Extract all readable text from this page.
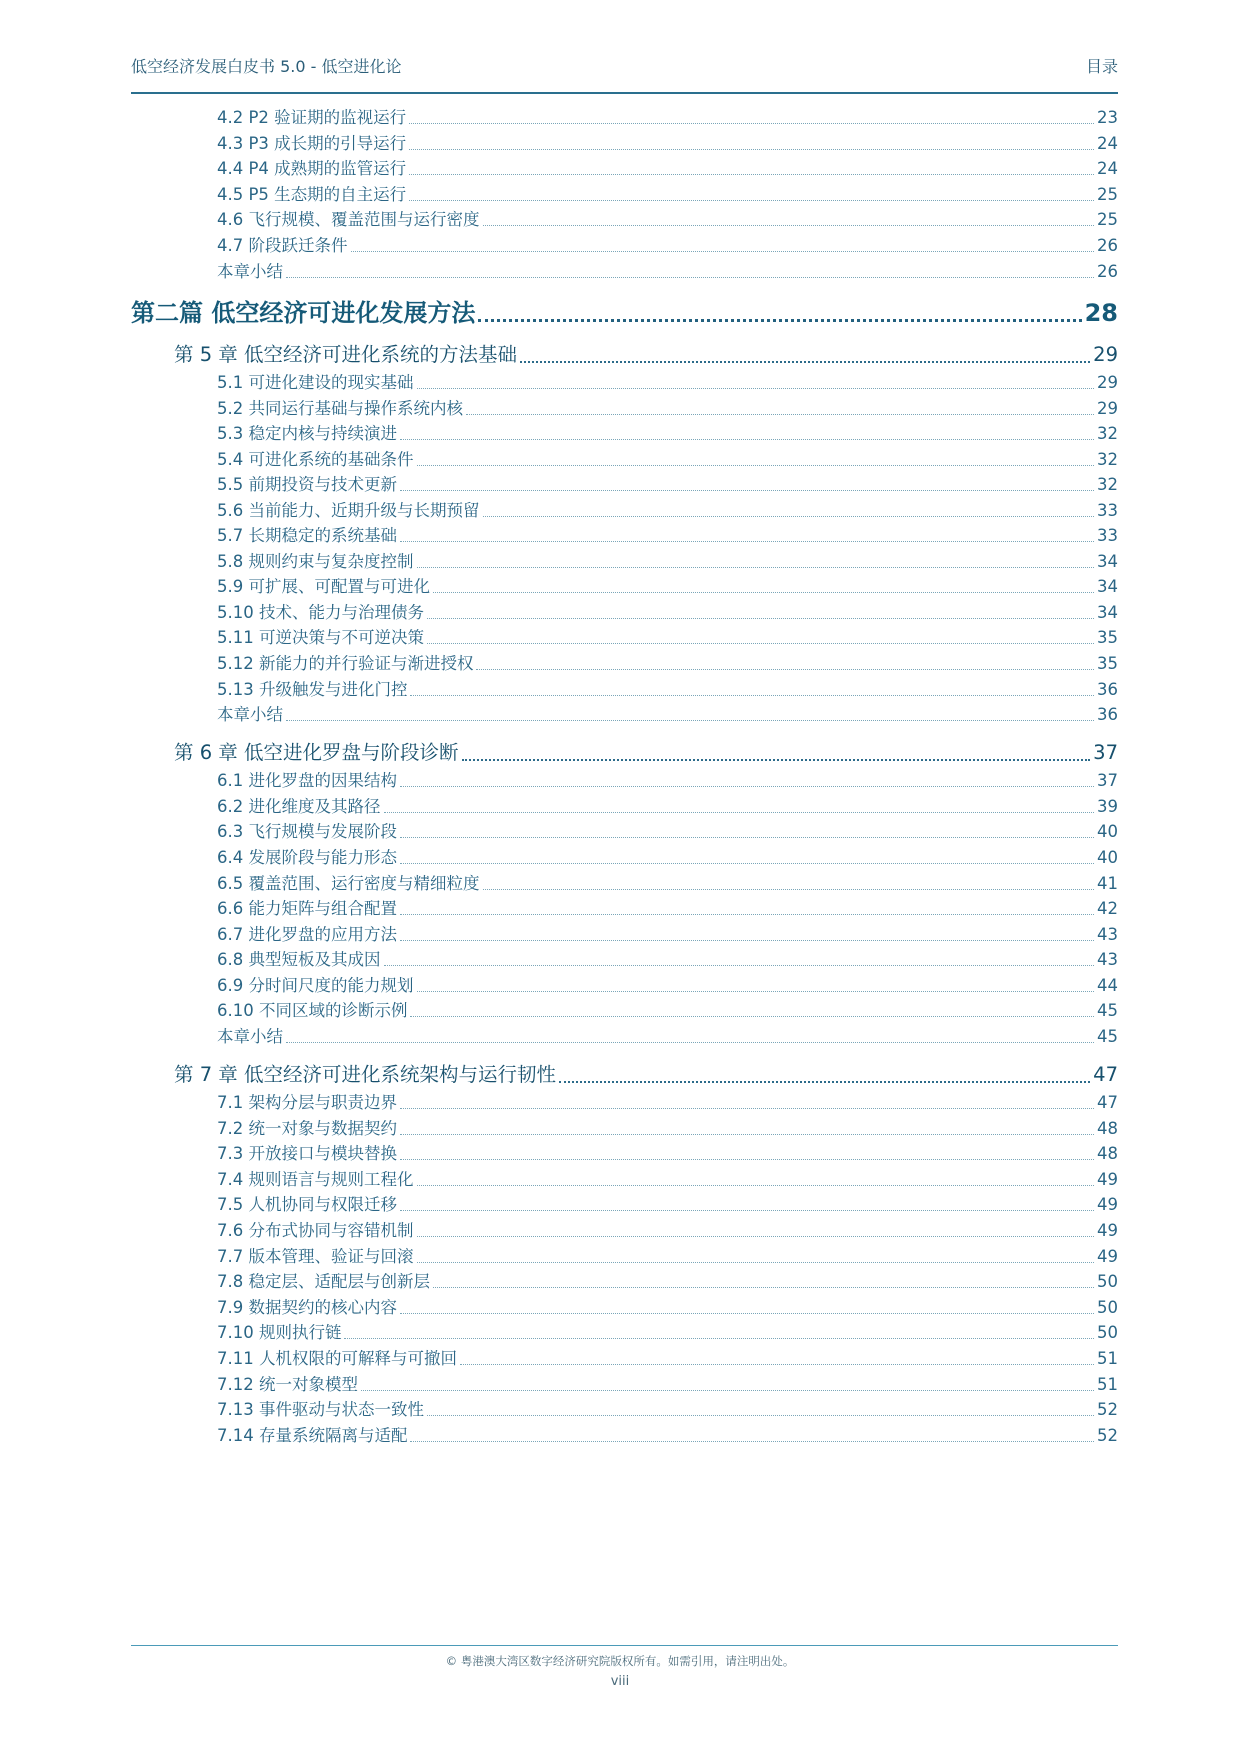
低空经济发展白皮书 5.0 - 低空进化论	目录
4.2 P2 验证期的监视运行	23
4.3 P3 成长期的引导运行	24
4.4 P4 成熟期的监管运行	24
4.5 P5 生态期的自主运行	25
4.6 飞行规模、覆盖范围与运行密度	25
4.7 阶段跃迁条件	26
本章小结	26
第二篇 低空经济可进化发展方法	28
第 5 章 低空经济可进化系统的方法基础	29
5.1 可进化建设的现实基础	29
5.2 共同运行基础与操作系统内核	29
5.3 稳定内核与持续演进	32
5.4 可进化系统的基础条件	32
5.5 前期投资与技术更新	32
5.6 当前能力、近期升级与长期预留	33
5.7 长期稳定的系统基础	33
5.8 规则约束与复杂度控制	34
5.9 可扩展、可配置与可进化	34
5.10 技术、能力与治理债务	34
5.11 可逆决策与不可逆决策	35
5.12 新能力的并行验证与渐进授权	35
5.13 升级触发与进化门控	36
本章小结	36
第 6 章 低空进化罗盘与阶段诊断	37
6.1 进化罗盘的因果结构	37
6.2 进化维度及其路径	39
6.3 飞行规模与发展阶段	40
6.4 发展阶段与能力形态	40
6.5 覆盖范围、运行密度与精细粒度	41
6.6 能力矩阵与组合配置	42
6.7 进化罗盘的应用方法	43
6.8 典型短板及其成因	43
6.9 分时间尺度的能力规划	44
6.10 不同区域的诊断示例	45
本章小结	45
第 7 章 低空经济可进化系统架构与运行韧性	47
7.1 架构分层与职责边界	47
7.2 统一对象与数据契约	48
7.3 开放接口与模块替换	48
7.4 规则语言与规则工程化	49
7.5 人机协同与权限迁移	49
7.6 分布式协同与容错机制	49
7.7 版本管理、验证与回滚	49
7.8 稳定层、适配层与创新层	50
7.9 数据契约的核心内容	50
7.10 规则执行链	50
7.11 人机权限的可解释与可撤回	51
7.12 统一对象模型	51
7.13 事件驱动与状态一致性	52
7.14 存量系统隔离与适配	52
© 粤港澳大湾区数字经济研究院版权所有。如需引用，请注明出处。
viii
